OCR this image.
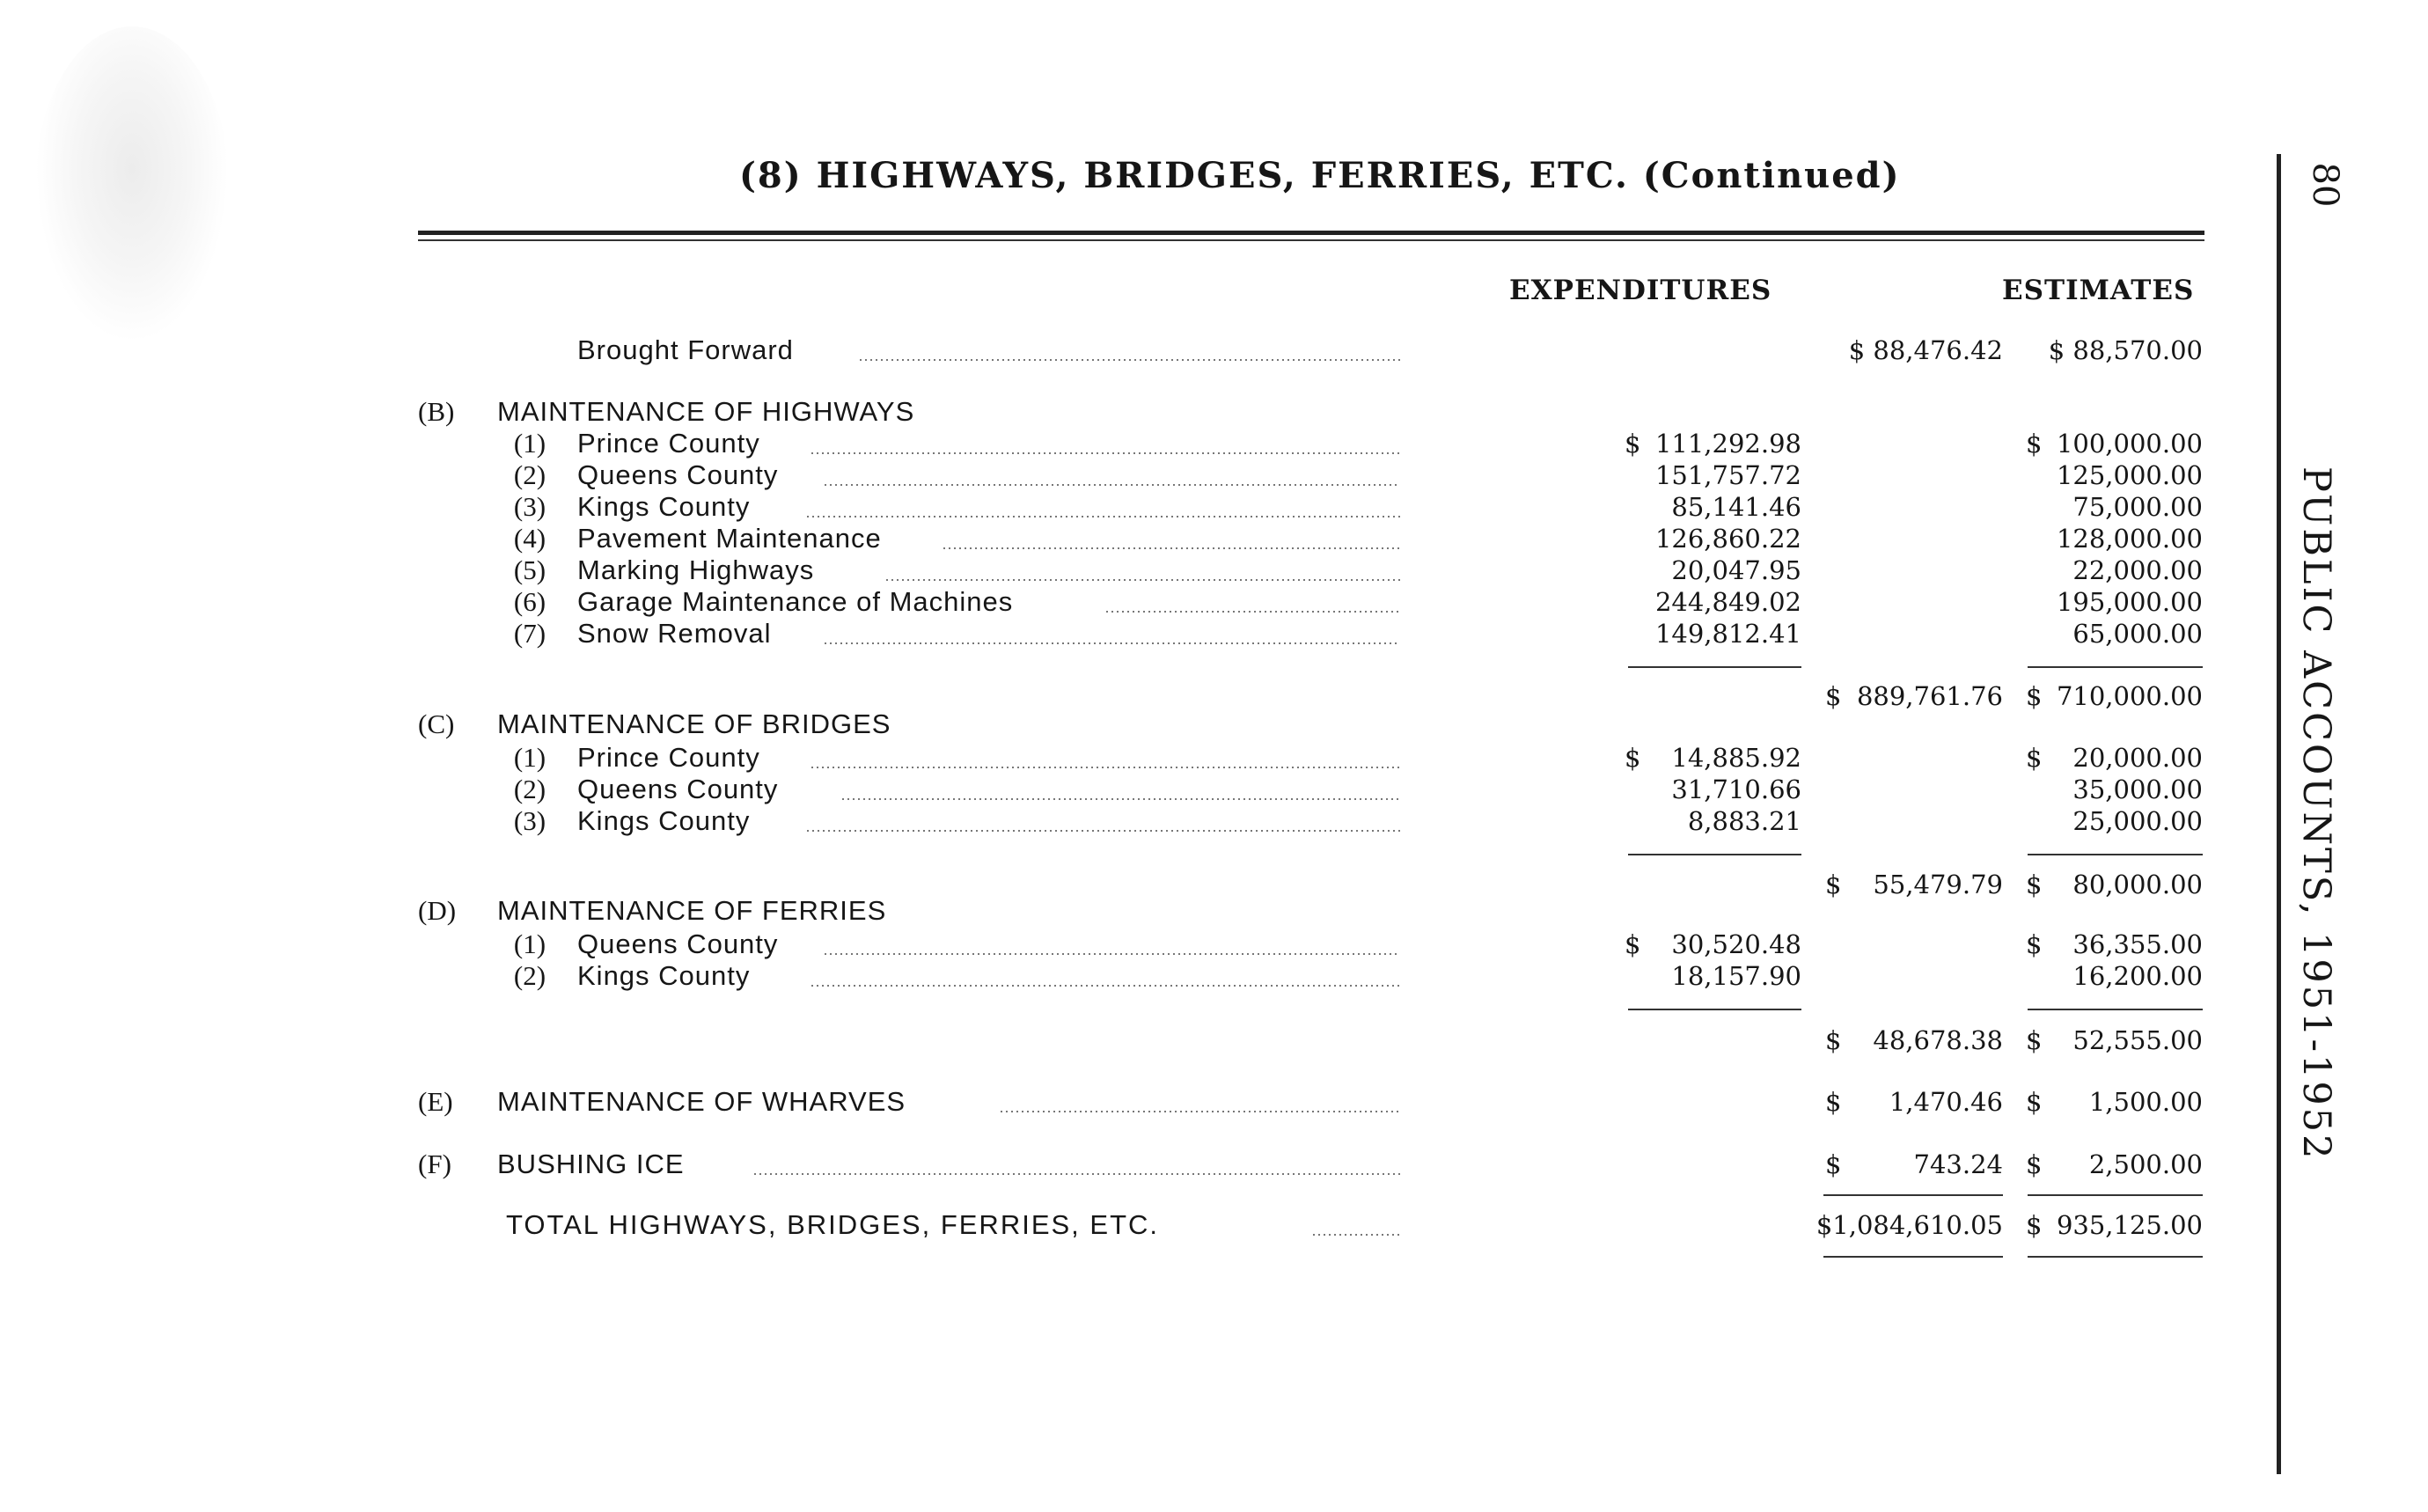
(8) HIGHWAYS, BRIDGES, FERRIES, ETC. (Continued)
EXPENDITURES	ESTIMATES
Brought Forward	$ 88,476.42 $ 88,570.00
(B) MAINTENANCE OF HIGHWAYS
(1)	Prince County	$ 111,292.98	$ 100,000.00
(2)	Queens County	151,757.72	125,000.00
(3)	Kings County	85,141.46	75,000.00
(4)	Pavement Maintenance	126,860.22	128,000.00
(5)	Marking Highways	20,047.95	22,000.00
(6)	Garage Maintenance of Machines	244,849.02	195,000.00
(7)	Snow Removal	149,812.41	65,000.00
$ 889,761.76 $ 710,000.00
(C) MAINTENANCE OF BRIDGES
(1)	Prince County	$ 14,885.92	$ 20,000.00
(2)	Queens County	31,710.66	35,000.00
(3)	Kings County	8,883.21	25,000.00
$ 55,479.79 $ 80,000.00
(D) MAINTENANCE OF FERRIES
(1)	Queens County	$ 30,520.48	$ 36,355.00
(2)	Kings County	18,157.90	16,200.00
$ 48,678.38 $ 52,555.00
(E) MAINTENANCE OF WHARVES	$ 1,470.46 $ 1,500.00
(F) BUSHING ICE	$	743.24 $ 2,500.00
TOTAL HIGHWAYS, BRIDGES, FERRIES, ETC.	$1,084,610.05 $ 935,125.00
80
PUBLIC ACCOUNTS, 1951-1952
